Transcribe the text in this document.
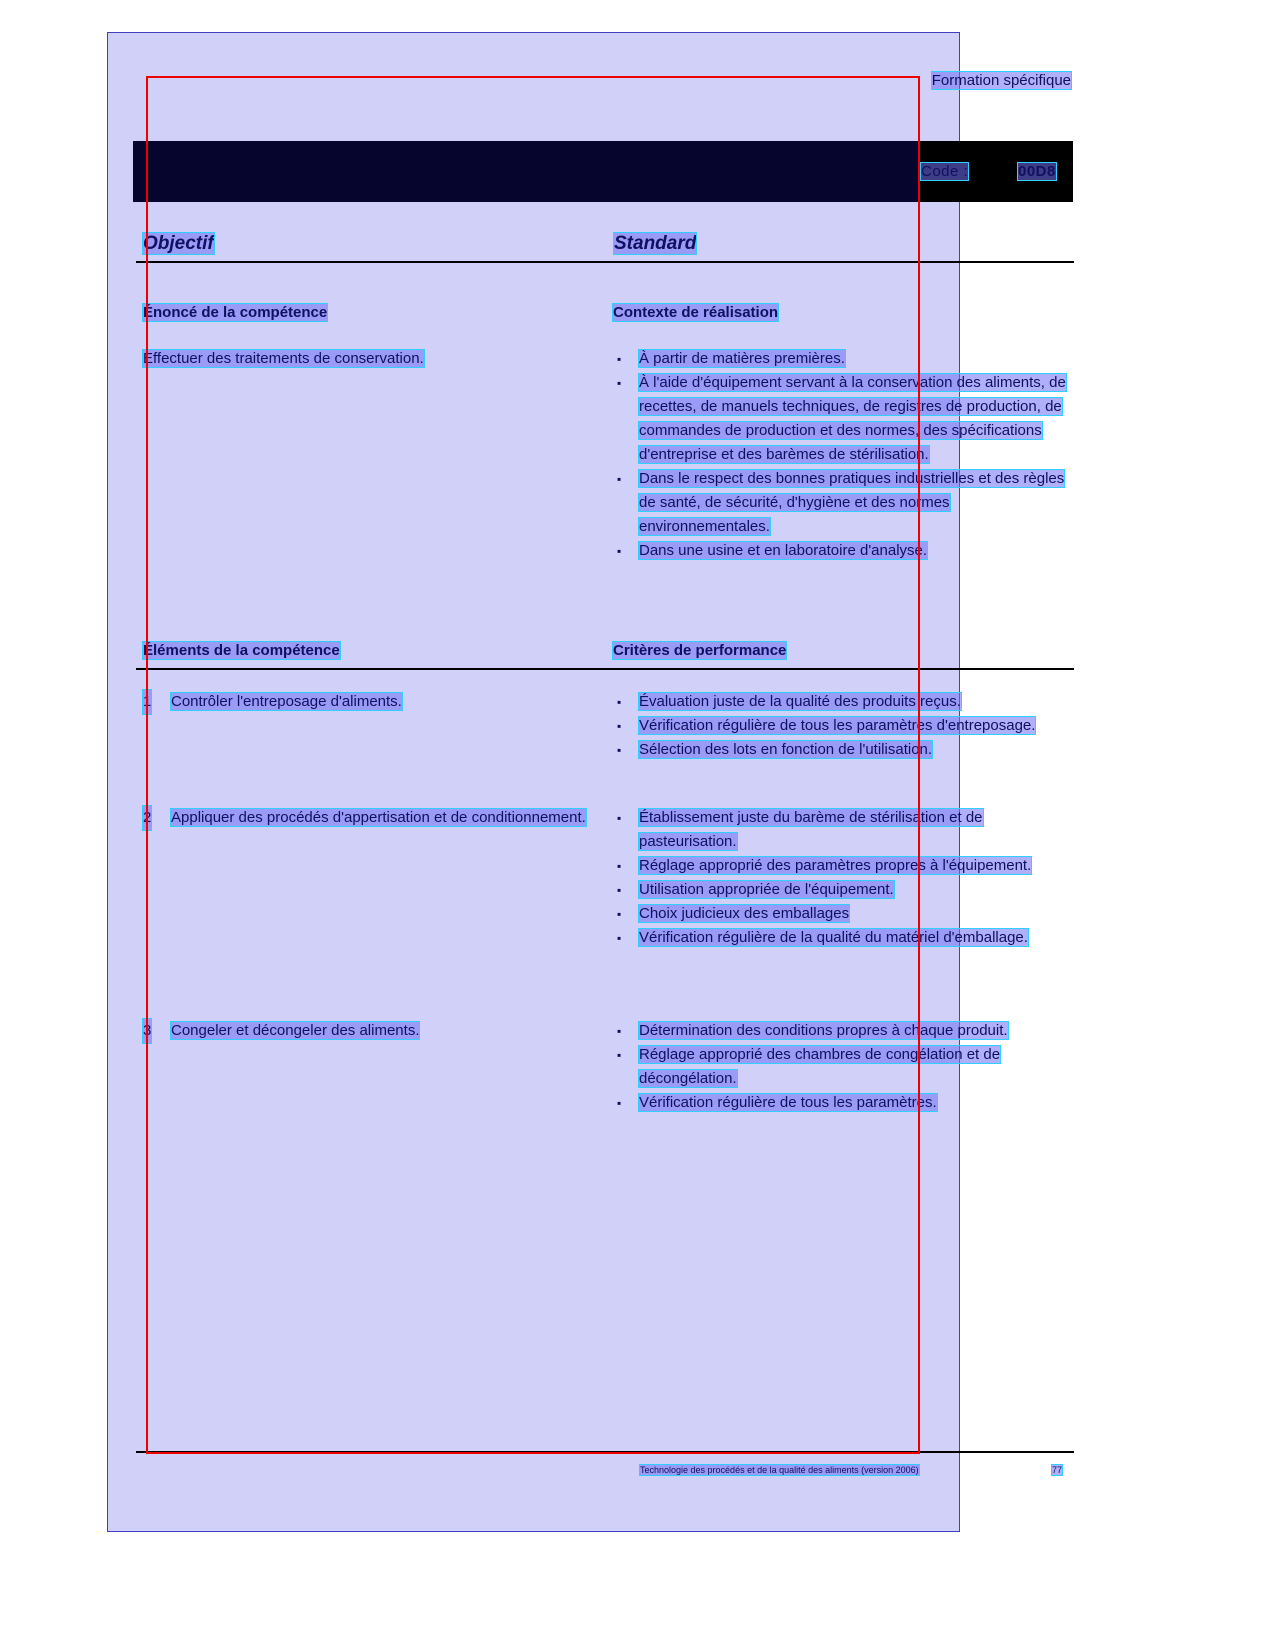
Formation spécifique
Code :	00D8
Objectif	Standard
Énoncé de la compétence	Contexte de réalisation
Effectuer des traitements de conservation.	▪ À partir de matières premières.
▪ À l'aide d'équipement servant à la conservation des aliments, de recettes, de manuels techniques, de registres de production, de commandes de production et des normes, des spécifications d'entreprise et des barèmes de stérilisation.
▪ Dans le respect des bonnes pratiques industrielles et des règles de santé, de sécurité, d'hygiène et des normes environnementales.
▪ Dans une usine et en laboratoire d'analyse.
Éléments de la compétence	Critères de performance
1 Contrôler l'entreposage d'aliments.	▪ Évaluation juste de la qualité des produits reçus.
▪ Vérification régulière de tous les paramètres d'entreposage.
▪ Sélection des lots en fonction de l'utilisation.
2 Appliquer des procédés d'appertisation et de conditionnement.	▪ Établissement juste du barème de stérilisation et de pasteurisation.
▪ Réglage approprié des paramètres propres à l'équipement.
▪ Utilisation appropriée de l'équipement.
▪ Choix judicieux des emballages
▪ Vérification régulière de la qualité du matériel d'emballage.
3 Congeler et décongeler des aliments.	▪ Détermination des conditions propres à chaque produit.
▪ Réglage approprié des chambres de congélation et de décongélation.
▪ Vérification régulière de tous les paramètres.
Technologie des procédés et de la qualité des aliments (version 2006)	77
